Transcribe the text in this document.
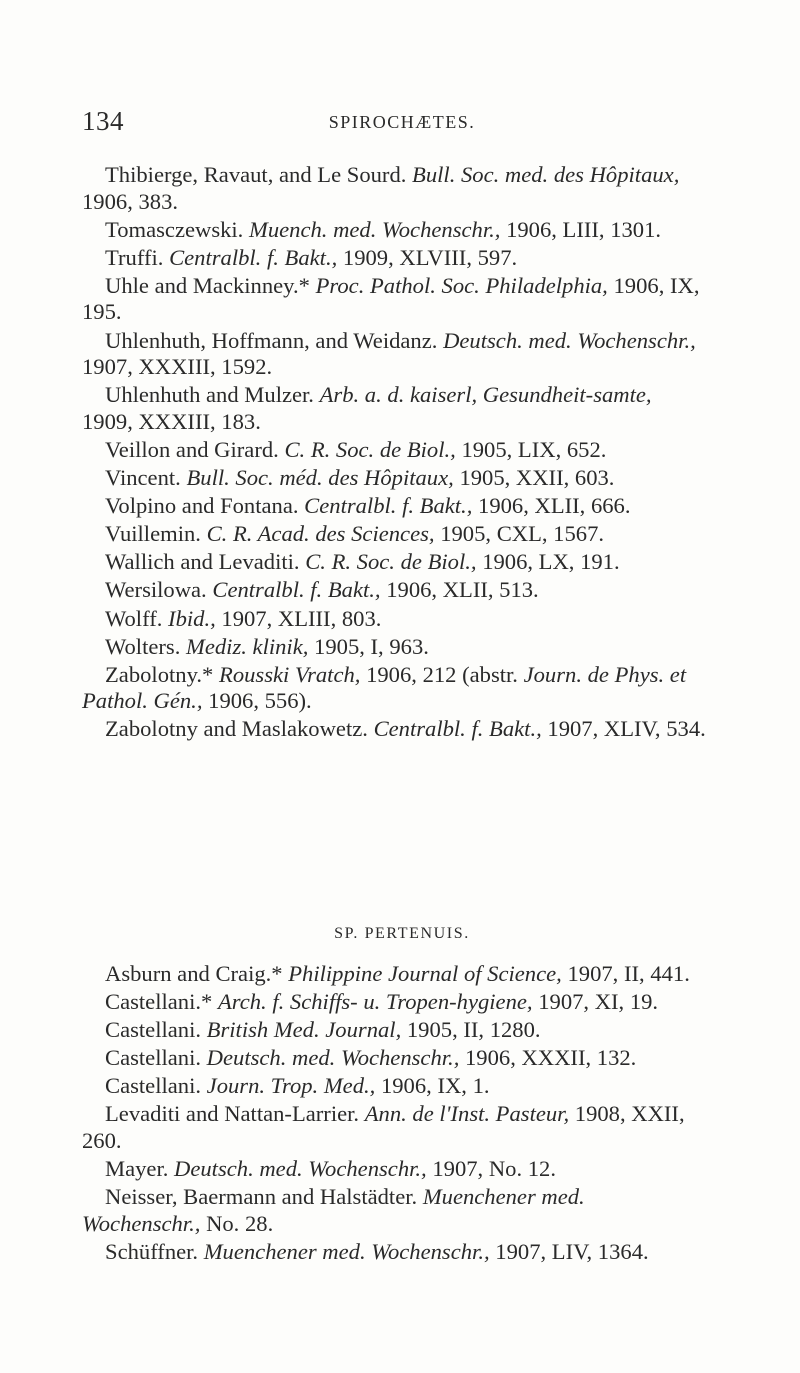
134	SPIROCHÆTES.

Thibierge, Ravaut, and Le Sourd. Bull. Soc. med. des Hôpitaux, 1906, 383.

Tomasczewski. Muench. med. Wochenschr., 1906, LIII, 1301.

Truffi. Centralbl. f. Bakt., 1909, XLVIII, 597.

Uhle and Mackinney.* Proc. Pathol. Soc. Philadelphia, 1906, IX, 195.

Uhlenhuth, Hoffmann, and Weidanz. Deutsch. med. Wochenschr., 1907, XXXIII, 1592.

Uhlenhuth and Mulzer. Arb. a. d. kaiserl, Gesundheit-samte, 1909, XXXIII, 183.

Veillon and Girard. C. R. Soc. de Biol., 1905, LIX, 652.

Vincent. Bull. Soc. méd. des Hôpitaux, 1905, XXII, 603.

Volpino and Fontana. Centralbl. f. Bakt., 1906, XLII, 666.

Vuillemin. C. R. Acad. des Sciences, 1905, CXL, 1567.

Wallich and Levaditi. C. R. Soc. de Biol., 1906, LX, 191.

Wersilowa. Centralbl. f. Bakt., 1906, XLII, 513.

Wolff. Ibid., 1907, XLIII, 803.

Wolters. Mediz. klinik, 1905, I, 963.

Zabolotny.* Rousski Vratch, 1906, 212 (abstr. Journ. de Phys. et Pathol. Gén., 1906, 556).

Zabolotny and Maslakowetz. Centralbl. f. Bakt., 1907, XLIV, 534.

SP. PERTENUIS.

Asburn and Craig.* Philippine Journal of Science, 1907, II, 441.

Castellani.* Arch. f. Schiffs- u. Tropen-hygiene, 1907, XI, 19.

Castellani. British Med. Journal, 1905, II, 1280.

Castellani. Deutsch. med. Wochenschr., 1906, XXXII, 132.

Castellani. Journ. Trop. Med., 1906, IX, 1.

Levaditi and Nattan-Larrier. Ann. de l'Inst. Pasteur, 1908, XXII, 260.

Mayer. Deutsch. med. Wochenschr., 1907, No. 12.

Neisser, Baermann and Halstädter. Muenchener med. Wochenschr., No. 28.

Schüffner. Muenchener med. Wochenschr., 1907, LIV, 1364.
